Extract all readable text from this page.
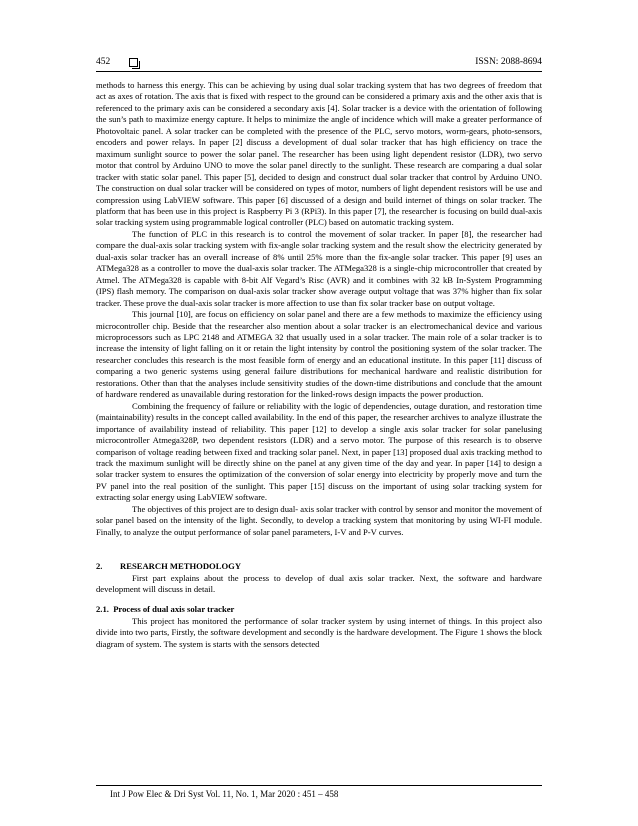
452	ISSN: 2088-8694

methods to harness this energy. This can be achieving by using dual solar tracking system that has two degrees of freedom that act as axes of rotation. The axis that is fixed with respect to the ground can be considered a primary axis and the other axis that is referenced to the primary axis can be considered a secondary axis [4]. Solar tracker is a device with the orientation of following the sun’s path to maximize energy capture. It helps to minimize the angle of incidence which will make a greater performance of Photovoltaic panel. A solar tracker can be completed with the presence of the PLC, servo motors, worm-gears, photo-sensors, encoders and power relays. In paper [2] discuss a development of dual solar tracker that has high efficiency on trace the maximum sunlight source to power the solar panel. The researcher has been using light dependent resistor (LDR), two servo motor that control by Arduino UNO to move the solar panel directly to the sunlight. These research are comparing a dual solar tracker with static solar panel. This paper [5], decided to design and construct dual solar tracker that control by Arduino UNO. The construction on dual solar tracker will be considered on types of motor, numbers of light dependent resistors will be use and compression using LabVIEW software. This paper [6] discussed of a design and build internet of things on solar tracker. The platform that has been use in this project is Raspberry Pi 3 (RPi3). In this paper [7], the researcher is focusing on build dual-axis solar tracking system using programmable logical controller (PLC) based on automatic tracking system.

The function of PLC in this research is to control the movement of solar tracker. In paper [8], the researcher had compare the dual-axis solar tracking system with fix-angle solar tracking system and the result show the electricity generated by dual-axis solar tracker has an overall increase of 8% until 25% more than the fix-angle solar tracker. This paper [9] uses an ATMega328 as a controller to move the dual-axis solar tracker. The ATMega328 is a single-chip microcontroller that created by Atmel. The ATMega328 is capable with 8-bit Alf Vegard’s Risc (AVR) and it combines with 32 kB In-System Programming (IPS) flash memory. The comparison on dual-axis solar tracker show average output voltage that was 37% higher than fix solar tracker. These prove the dual-axis solar tracker is more affection to use than fix solar tracker base on output voltage.

This journal [10], are focus on efficiency on solar panel and there are a few methods to maximize the efficiency using microcontroller chip. Beside that the researcher also mention about a solar tracker is an electromechanical device and various microprocessors such as LPC 2148 and ATMEGA 32 that usually used in a solar tracker. The main role of a solar tracker is to increase the intensity of light falling on it or retain the light intensity by control the positioning system of the solar tracker. The researcher concludes this research is the most feasible form of energy and an educational institute. In this paper [11] discuss of comparing a two generic systems using general failure distributions for mechanical hardware and realistic distribution for restorations. Other than that the analyses include sensitivity studies of the down-time distributions and conclude that the amount of hardware rendered as unavailable during restoration for the linked-rows design impacts the power production.

Combining the frequency of failure or reliability with the logic of dependencies, outage duration, and restoration time (maintainability) results in the concept called availability. In the end of this paper, the researcher archives to analyze illustrate the importance of availability instead of reliability. This paper [12] to develop a single axis solar tracker for solar panelusing microcontroller Atmega328P, two dependent resistors (LDR) and a servo motor. The purpose of this research is to observe comparison of voltage reading between fixed and tracking solar panel. Next, in paper [13] proposed dual axis tracking method to track the maximum sunlight will be directly shine on the panel at any given time of the day and year. In paper [14] to design a solar tracker system to ensures the optimization of the conversion of solar energy into electricity by properly move and turn the PV panel into the real position of the sunlight. This paper [15] discuss on the important of using solar tracking system for extracting solar energy using LabVIEW software.

The objectives of this project are to design dual- axis solar tracker with control by sensor and monitor the movement of solar panel based on the intensity of the light. Secondly, to develop a tracking system that monitoring by using WI-FI module. Finally, to analyze the output performance of solar panel parameters, I-V and P-V curves.

2. RESEARCH METHODOLOGY

First part explains about the process to develop of dual axis solar tracker. Next, the software and hardware development will discuss in detail.

2.1. Process of dual axis solar tracker

This project has monitored the performance of solar tracker system by using internet of things. In this project also divide into two parts, Firstly, the software development and secondly is the hardware development. The Figure 1 shows the block diagram of system. The system is starts with the sensors detected

Int J Pow Elec & Dri Syst Vol. 11, No. 1, Mar 2020 : 451 – 458
